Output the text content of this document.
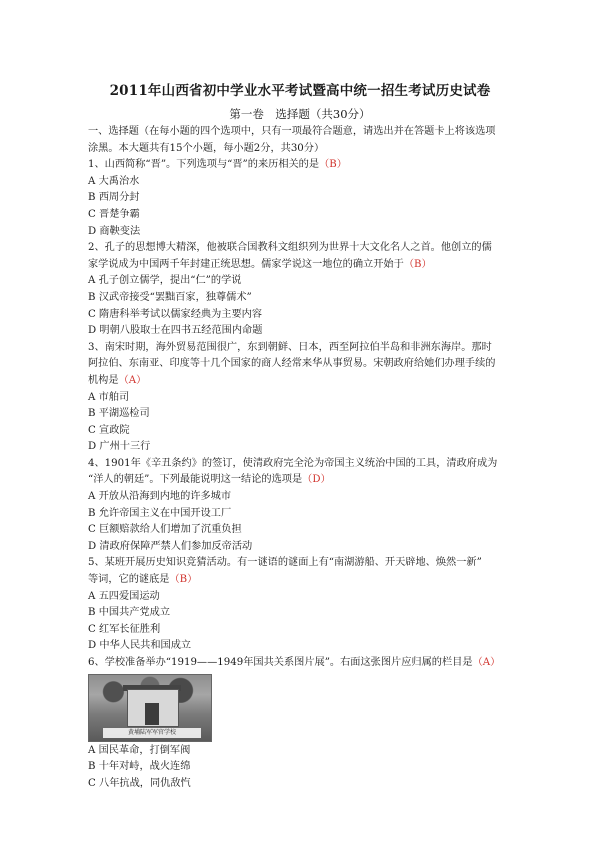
2011年山西省初中学业水平考试暨高中统一招生考试历史试卷
第一卷　选择题（共30分）
一、选择题（在每小题的四个选项中，只有一项最符合题意，请选出并在答题卡上将该选项
涂黑。本大题共有15个小题，每小题2分，共30分）
1、山西简称“晋”。下列选项与“晋”的来历相关的是（B）
A 大禹治水
B 西周分封
C 晋楚争霸
D 商鞅变法
2、孔子的思想博大精深，他被联合国教科文组织列为世界十大文化名人之首。他创立的儒
家学说成为中国两千年封建正统思想。儒家学说这一地位的确立开始于（B）
A 孔子创立儒学，提出“仁”的学说
B 汉武帝接受“罢黜百家，独尊儒术”
C 隋唐科举考试以儒家经典为主要内容
D 明朝八股取士在四书五经范围内命题
3、南宋时期，海外贸易范围很广，东到朝鲜、日本，西至阿拉伯半岛和非洲东海岸。那时
阿拉伯、东南亚、印度等十几个国家的商人经常来华从事贸易。宋朝政府给她们办理手续的
机构是（A）
A 市舶司
B 平湖巡检司
C 宣政院
D 广州十三行
4、1901年《辛丑条约》的签订，使清政府完全沦为帝国主义统治中国的工具，清政府成为
“洋人的朝廷”。下列最能说明这一结论的选项是（D）
A 开放从沿海到内地的许多城市
B 允许帝国主义在中国开设工厂
C 巨额赔款给人们增加了沉重负担
D 清政府保障严禁人们参加反帝活动
5、某班开展历史知识竞猜活动。有一谜语的谜面上有“南湖游船、开天辟地、焕然一新”
等词，它的谜底是（B）
A 五四爱国运动
B 中国共产党成立
C 红军长征胜利
D 中华人民共和国成立
6、学校准备举办“1919——1949年国共关系图片展”。右面这张图片应归属的栏目是（A）
黄埔陆军军官学校
A 国民革命，打倒军阀
B 十年对峙，战火连绵
C 八年抗战，同仇敌忾
